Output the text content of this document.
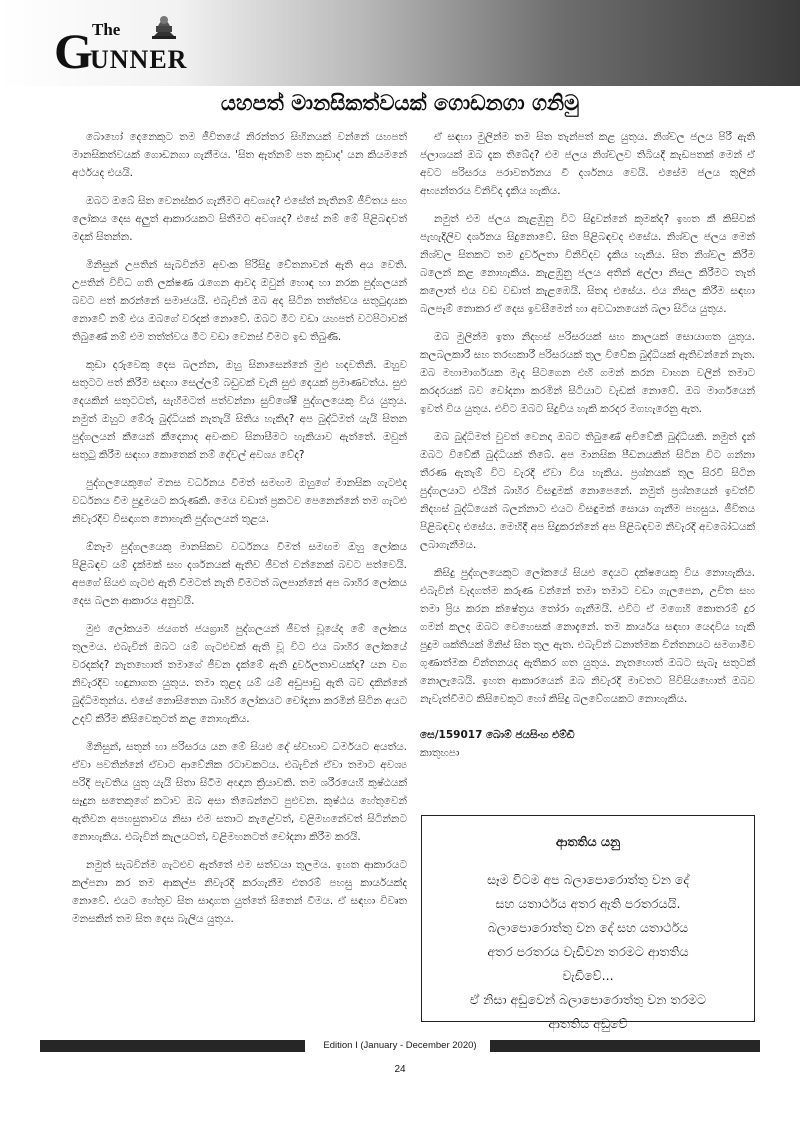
The
G
UNNER
යහපත් මානසිකත්වයක් ගොඩනගා ගනිමු

බොහෝ දෙනෙකුට තම ජීවිතයේ නිරන්තර සිහිනයක් වන්නේ යහපත් මානසිකත්වයක් ගොඩනගා ගැනීමය. 'සිත ඇත්නම් පත කුඩාද' යන කියමනේ අර්ථයද එයයි.

ඔබට ඔබේ සිත වෙනස්කර ගැනීමට අවශ්‍යද? එසේත් නැතිනම් ජීවිතය සහ ලෝකය දෙස අලුත් ආකාරයකට සිතීමට අවශ්‍යද? එසේ නම් මේ පිළිබඳවත් මදක් සිතන්න.

මිනිසුන් උපතින් සැබවින්ම අවංක පිරිසිදු චේතනාවන් ඇති අය වෙති. උපතින් විවිධ ගති ලක්ෂණ රැගෙන ආවද ඔවුන් හොඳ හා නරක පුද්ගලයන් බවට පත් කරන්නේ සමාජයයි. එබැවින් ඔබ අද සිටින තත්ත්වය සතුටුදායක නොවේ නම් එය ඔබගේ වරදක් නොවේ. ඔබට මීට වඩා යහපත් වටපිටාවක් තිබුණේ නම් එම තත්ත්වය මීට වඩා වෙනස් වීමට ඉඩ තිබුණි.

කුඩා දරුවෙකු දෙස බලන්න, ඔහු සිනාසෙන්නේ මුළු හදවතිනි. ඔහුව සතුටට පත් කිරීම සඳහා සෙල්ලම් බඩුවක් වැනි සුළු දෙයක් ප්‍රමාණවත්ය. සුළු දෙයකින් සතුටටත්, සැහීමටත් පත්වන්නා සුවිශේෂී පුද්ගලයෙකු විය යුතුය. නමුත් ඔහුට මේරූ බුද්ධියක් නැතැයි සිතිය හැකිද? අප බුද්ධිමත් යැයි සිතන පුද්ගලයන් කීයෙන් කීදෙනාද අවංකව සිනාසීමට හැකියාව ඇත්තේ. ඔවුන් සතුටු කිරීම සඳහා කොතෙක් නම් දේවල් අවශ්‍ය වේද?

පුද්ගලයෙකුගේ මනස වර්ධනය වීමත් සමඟම ඔහුගේ මානසික ගැටළුද වර්ධනය වීම පුදුමයට කරුණකි. මෙය වඩාත් ප්‍රකටව පෙනෙන්නේ තම ගැටළු නිවැරදිව විසඳාගත නොහැකි පුද්ගලයන් තුළය.

ඕනෑම පුද්ගලයෙකු මානසිකව වර්ධනය වීමත් සමඟම ඔහු ලෝකය පිළිබඳව යම් දැක්මක් සහ දර්ශනයක් ඇතිව ජීවත් වන්නෙක් බවට පත්වෙයි. අපගේ සියළු ගැටළු ඇති වීමටත් නැති වීමටත් බලපාන්නේ අප බාහිර ලෝකය දෙස බලන ආකාරය අනුවයි.

මුළු ලෝකයම ජයගත් ජයග්‍රාහී පුද්ගලයන් ජීවත් වූයේද මේ ලෝකය තුලමය. එබැවින් ඔබට යම් ගැටළුවක් ඇති වූ විට එය බාහිර ලෝකයේ වරදක්ද? නැතහොත් තමාගේ ජීවන දැක්මේ ඇති දුර්වලතාවයක්ද? යන වග නිවැරදිව හඳුනාගත යුතුය. තමා තුළද යම් යම් අඩුපාඩු ඇති බව දකින්නේ බුද්ධිමතුන්ය. එසේ නොසිතෙන බාහිර ලෝකයට චෝදනා කරමින් සිටින අයට උදව් කිරීම කිසිවෙකුටත් කළ නොහැකිය.

මිනිසුන්, සතුන් හා පරිසරය යන මේ සියළු දේ ස්වභාව ධර්මයට අයත්ය. ඒවා පවතින්නේ ඒවාට ආවේනික රටාවකටය. එබැවින් ඒවා තමාට අවශ්‍ය පරිදි පැවතිය යුතු යැයි සිතා සිටීම අඥාන ක්‍රියාවකි. තම ශරීරයෙහි කුෂ්ඨයක් සෑදුන සතෙකුගේ කටාව ඔබ අසා තිබෙන්නට පුළුවන. කුෂ්ඨය හේතුවෙන් ඇතිවන අපහසුතාවය නිසා එම සතාට කැළේවත්, වළිමහනේවත් සිටින්නට නොහැකිය. එබැවින් කැලයටත්, වළිමහනටත් චෝදනා කිරීම කරයි.

නමුත් සැබවින්ම ගැටළුව ඇත්තේ එම සත්වයා තුලමය. ඉහත ආකාරයට කල්පනා කර තම ආකල්ප නිවැරදි කරගැනීම එතරම් පහසු කාර්යයක්ද නොවේ. එයට හේතුව සිත සාදාගත යුත්තේ සිතෙන් වීමය. ඒ සඳහා විවෘත මනසකින් තම සිත දෙස බැලිය යුතුය.

ඒ සඳහා මුලින්ම තම සිත තැන්පත් කළ යුතුය. නිශ්චල ජලය පිරී ඇති ජලාශයක් ඔබ දැක තිබේද? එම ජලය නිශ්චලව තිබියදී කැඩපතක් මෙන් ඒ අවට පරිසරය පරාවර්තනය වී දර්ශනය වෙයි. එසේම ජලය තුලින් අභ්‍යන්තරය විනිවිද දැකිය හැකිය.

නමුත් එම ජලය කැළඹුනු විට සිදුවන්නේ කුමක්ද? ඉහත කී කිසිවක් පැහැදිලිව දර්ශනය සිදුනොවේ. සිත පිළිබඳවද එසේය. නිශ්චල ජලය මෙන් නිශ්චල සිතකට තම දුර්වලතා විනිවිදව දැකිය හැකිය. සිත නිශ්චල කිරීම බලෙන් කළ නොහැකිය. කැළඹුනු ජලය අතින් අල්ලා නිසල කිරීමට තැත් කලොත් එය වඩ වඩාත් කැළඹෙයි. සිතද එසේය. එය නිසල කිරීම සඳහා බලපෑම් නොකර ඒ දෙස ඉවසීමෙන් හා අවධානයෙන් බලා සිටිය යුතුය.

ඔබ මුලින්ම ඉතා නිදහස් පරිසරයක් සහ කාලයක් සොයාගත යුතුය. කලබලකාරී සහ තරඟකාරී පරිසරයක් තුල විවේක බුද්ධියක් ඇතිවන්නේ නැත. ඔබ මහාමාර්ගයක මැද සිටගෙන එහි ගමන් කරන වාහන වලින් තමාට කරදරයක් බව චෝදනා කරමින් සිටියාට වැඩක් නොවේ. ඔබ මාර්ගයෙන් ඉවත් විය යුතුය. එවිට ඔබට සිදුවිය හැකි කරදර මගහැරෙනු ඇත.

ඔබ බුද්ධිමත් වුවත් වෙනදා ඔබට තිබුණේ අවිවේකී බුද්ධියකි. නමුත් දැන් ඔබට විවේකී බුද්ධියක් තිබේ. අප මානසික පීඩනයකින් සිටින විට ගන්නා තීරණ ඇතැම් විට වැරදි ඒවා විය හැකිය. ප්‍රශ්නයක් තුල සිරවී සිටින පුද්ගලයාට එයින් බාහිර විසඳුමක් නොපෙනේ. නමුත් ප්‍රශ්නයෙන් ඉවත්වී නිදහස් බුද්ධියෙන් බලන්නාට එයට විසඳුමක් සොයා ගැනීම පහසුය. ජීවිතය පිළිබඳවද එසේය. මෙහිදී අප සිදුකරන්නේ අප පිළිබඳවම නිවැරදි අවබෝධයක් ලබාගැනීමය.

කිසිදු පුද්ගලයෙකුට ලෝකයේ සියළු දෙයට දක්ෂයෙකු විය නොහැකිය. එබැවින් වැදගත්ම කරුණ වන්නේ තමා තමාට වඩා ගැලපෙන, උචිත සහ තමා ප්‍රිය කරන ක්ෂේත්‍රය තෝරා ගැනීමයි. එවිට ඒ මගෙහි කොතරම් දුර ගමන් කලද ඔබට වෙහෙසක් නොදැනේ. තම කාර්යය සඳහා යෙදවිය හැකි පුදුම ශක්තියක් මිනිස් සිත තුල ඇත. එබැවින් ධනාත්මක චින්තනයට සමගාමීව ගුණාත්මක චින්තනයද ඇතිකර ගත යුතුය. නැතහොත් ඔබට සැබෑ සතුටක් නොලැබෙයි. ඉහත ආකාරයෙන් ඔබ නිවැරදි මාවතට පිවිසියහොත් ඔබව නැවැත්වීමට කිසිවෙකුට හෝ කිසිදු බලවේගයකට නොහැකිය.

සෙ/159017 බොම් ජයසිංහ එම්ඩී
කාතුහපා
ආතතිය යනු
සෑම විටම අප බලාපොරොත්තු වන දේ
සහ යතාර්ථය අතර ඇති පරතරයයි.
බලාපොරොත්තු වන දේ සහ යතාර්ථය
අතර පරතරය වැඩිවන තරමට ආතතිය
වැඩිවේ...
ඒ නිසා අඩුවෙන් බලාපොරොත්තු වන තරමට
ආතතිය අඩුවේ
Edition I (January - December 2020)
24
